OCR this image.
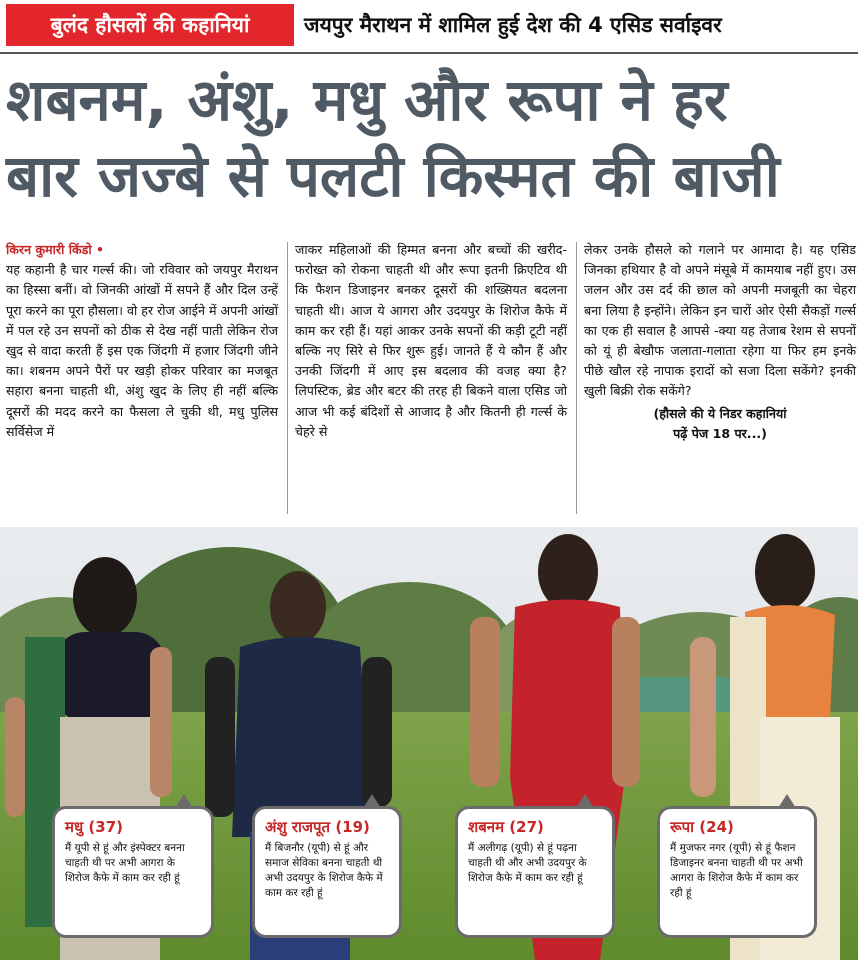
बुलंद हौसलों की कहानियां	जयपुर मैराथन में शामिल हुई देश की 4 एसिड सर्वाइवर
शबनम, अंशु, मधु और रूपा ने हर
बार जज्बे से पलटी किस्मत की बाजी
किरन कुमारी किंडो •
यह कहानी है चार गर्ल्स की। जो रविवार को जयपुर मैराथन का हिस्सा बनीं। वो जिनकी आंखों में सपने हैं और दिल उन्हें पूरा करने का पूरा हौसला। वो हर रोज आईने में अपनी आंखों में पल रहे उन सपनों को ठीक से देख नहीं पाती लेकिन रोज खुद से वादा करती हैं इस एक जिंदगी में हजार जिंदगी जीने का। शबनम अपने पैरों पर खड़ी होकर परिवार का मजबूत सहारा बनना चाहती थी, अंशु खुद के लिए ही नहीं बल्कि दूसरों की मदद करने का फैसला ले चुकी थी, मधु पुलिस सर्विसेज में
जाकर महिलाओं की हिम्मत बनना और बच्चों की खरीद-फरोख्त को रोकना चाहती थी और रूपा इतनी क्रिएटिव थी कि फैशन डिजाइनर बनकर दूसरों की शख्सियत बदलना चाहती थी। आज ये आगरा और उदयपुर के शिरोज कैफे में काम कर रही हैं। यहां आकर उनके सपनों की कड़ी टूटी नहीं बल्कि नए सिरे से फिर शुरू हुई। जानते हैं ये कौन हैं और उनकी जिंदगी में आए इस बदलाव की वजह क्या है? लिपस्टिक, ब्रेड और बटर की तरह ही बिकने वाला एसिड जो आज भी कई बंदिशों से आजाद है और कितनी ही गर्ल्स के चेहरे से
लेकर उनके हौसले को गलाने पर आमादा है। यह एसिड जिनका हथियार है वो अपने मंसूबे में कामयाब नहीं हुए। उस जलन और उस दर्द की छाल को अपनी मजबूती का चेहरा बना लिया है इन्होंने। लेकिन इन चारों ओर ऐसी सैकड़ों गर्ल्स का एक ही सवाल है आपसे -क्या यह तेजाब रेशम से सपनों को यूं ही बेखौफ जलाता-गलाता रहेगा या फिर हम इनके पीछे खौल रहे नापाक इरादों को सजा दिला सकेंगे? इनकी खुली बिक्री रोक सकेंगे?
(हौसले की ये निडर कहानियां
पढ़ें पेज 18 पर...)
मधु (37)
मैं यूपी से हूं और इंस्पेक्टर बनना चाहती थी पर अभी आगरा के शिरोज कैफे में काम कर रही हूं
अंशु राजपूत (19)
मैं बिजनौर (यूपी) से हूं और समाज सेविका बनना चाहती थी अभी उदयपुर के शिरोज कैफे में काम कर रही हूं
शबनम (27)
मैं अलीगढ़ (यूपी) से हूं पढ़ना चाहती थी और अभी उदयपुर के शिरोज कैफे में काम कर रही हूं
रूपा (24)
मैं मुजफर नगर (यूपी) से हूं फैशन डिजाइनर बनना चाहती थी पर अभी आगरा के शिरोज कैफे में काम कर रही हूं
